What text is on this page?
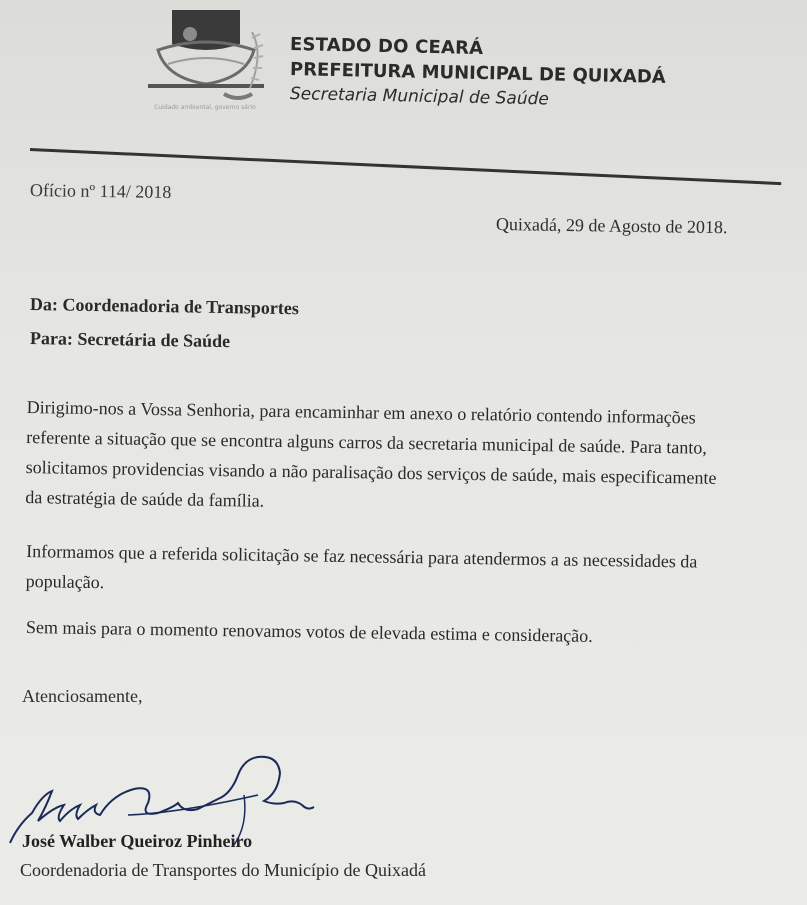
Cuidado ambiental, governo sério
ESTADO DO CEARÁ
PREFEITURA MUNICIPAL DE QUIXADÁ
Secretaria Municipal de Saúde
Ofício nº 114/ 2018
Quixadá, 29 de Agosto de 2018.
Da: Coordenadoria de Transportes
Para: Secretária de Saúde
Dirigimo-nos a Vossa Senhoria, para encaminhar em anexo o relatório contendo informações
referente a situação que se encontra alguns carros da secretaria municipal de saúde. Para tanto,
solicitamos providencias visando a não paralisação dos serviços de saúde, mais especificamente
da estratégia de saúde da família.
Informamos que a referida solicitação se faz necessária para atendermos a as necessidades da
população.
Sem mais para o momento renovamos votos de elevada estima e consideração.
Atenciosamente,
José Walber Queiroz Pinheiro
Coordenadoria de Transportes do Município de Quixadá
